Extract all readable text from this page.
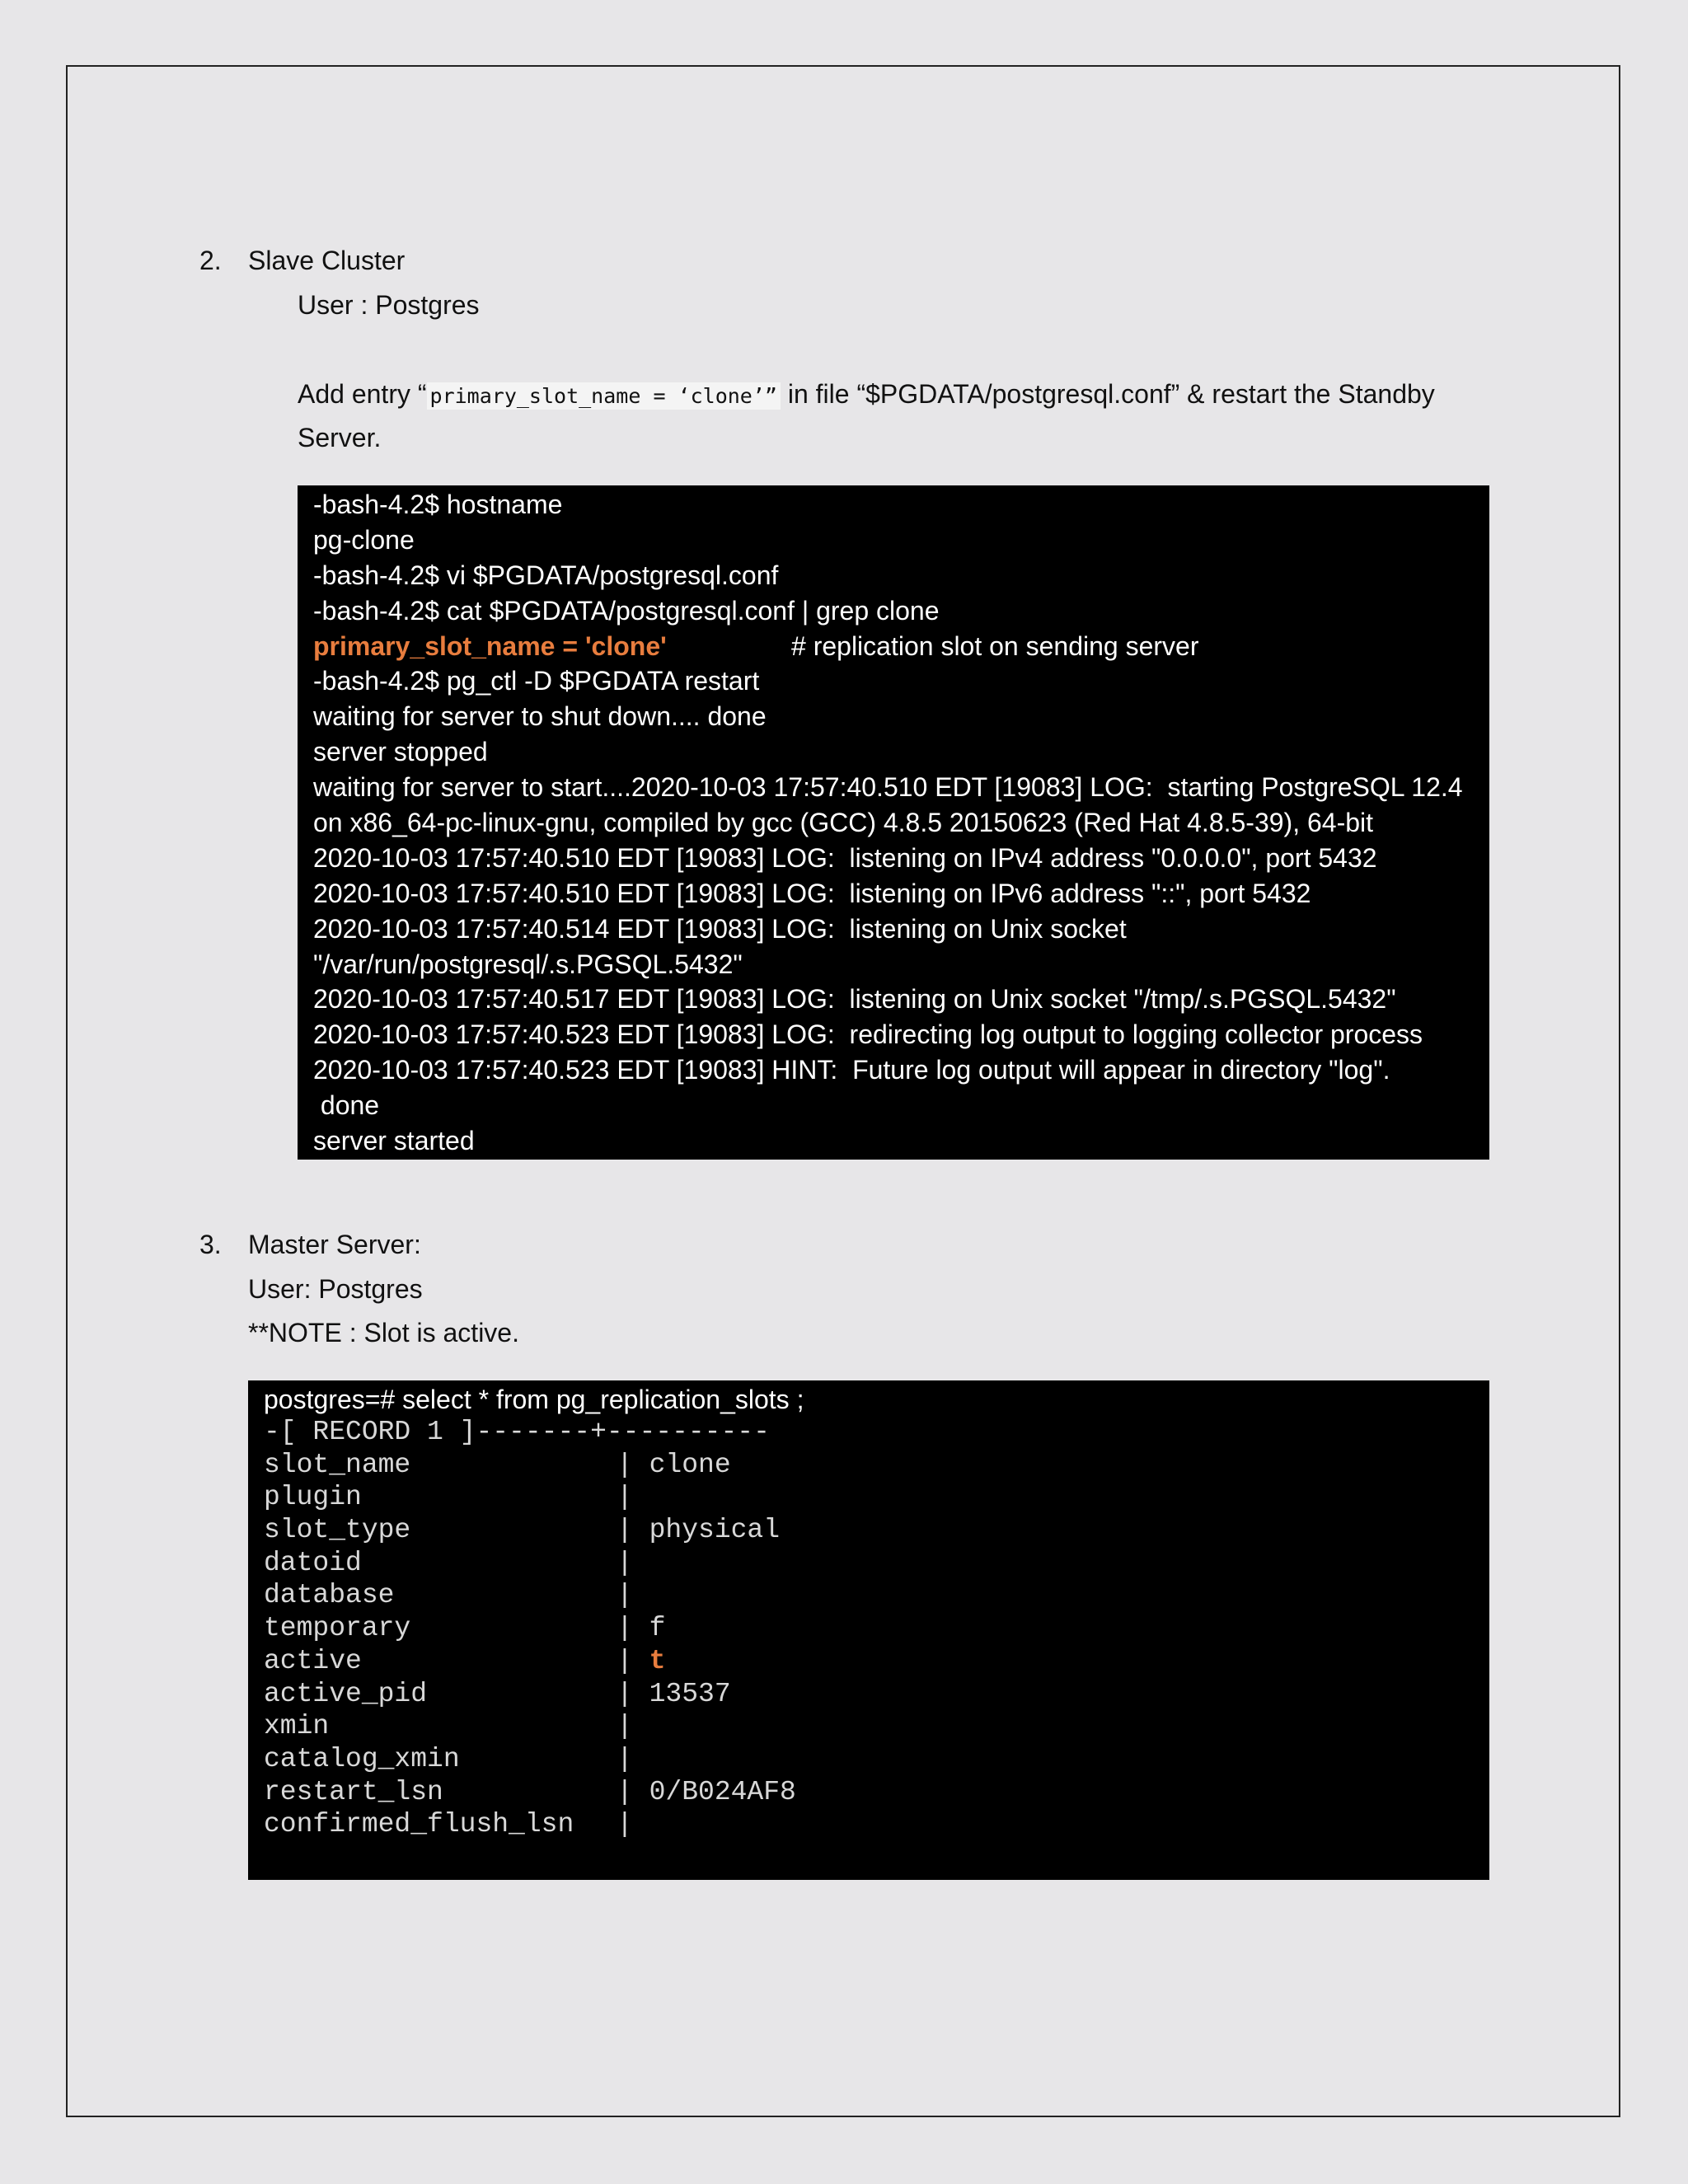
2. Slave Cluster
User : Postgres
Add entry “ primary_slot_name = ‘clone’” in file “$PGDATA/postgresql.conf” & restart the Standby
Server.
-bash-4.2$ hostname
pg-clone
-bash-4.2$ vi $PGDATA/postgresql.conf
-bash-4.2$ cat $PGDATA/postgresql.conf | grep clone
primary_slot_name = 'clone'	# replication slot on sending server
-bash-4.2$ pg_ctl -D $PGDATA restart
waiting for server to shut down.... done
server stopped
waiting for server to start....2020-10-03 17:57:40.510 EDT [19083] LOG:  starting PostgreSQL 12.4
on x86_64-pc-linux-gnu, compiled by gcc (GCC) 4.8.5 20150623 (Red Hat 4.8.5-39), 64-bit
2020-10-03 17:57:40.510 EDT [19083] LOG:  listening on IPv4 address "0.0.0.0", port 5432
2020-10-03 17:57:40.510 EDT [19083] LOG:  listening on IPv6 address "::", port 5432
2020-10-03 17:57:40.514 EDT [19083] LOG:  listening on Unix socket
"/var/run/postgresql/.s.PGSQL.5432"
2020-10-03 17:57:40.517 EDT [19083] LOG:  listening on Unix socket "/tmp/.s.PGSQL.5432"
2020-10-03 17:57:40.523 EDT [19083] LOG:  redirecting log output to logging collector process
2020-10-03 17:57:40.523 EDT [19083] HINT:  Future log output will appear in directory "log".
done
server started
3. Master Server:
User: Postgres
**NOTE : Slot is active.
postgres=# select * from pg_replication_slots ;
-[ RECORD 1 ]-------+----------
slot_name	| clone
plugin	|
slot_type	| physical
datoid	|
database	|
temporary	| f
active	| t
active_pid	| 13537
xmin	|
catalog_xmin	|
restart_lsn	| 0/B024AF8
confirmed_flush_lsn |
